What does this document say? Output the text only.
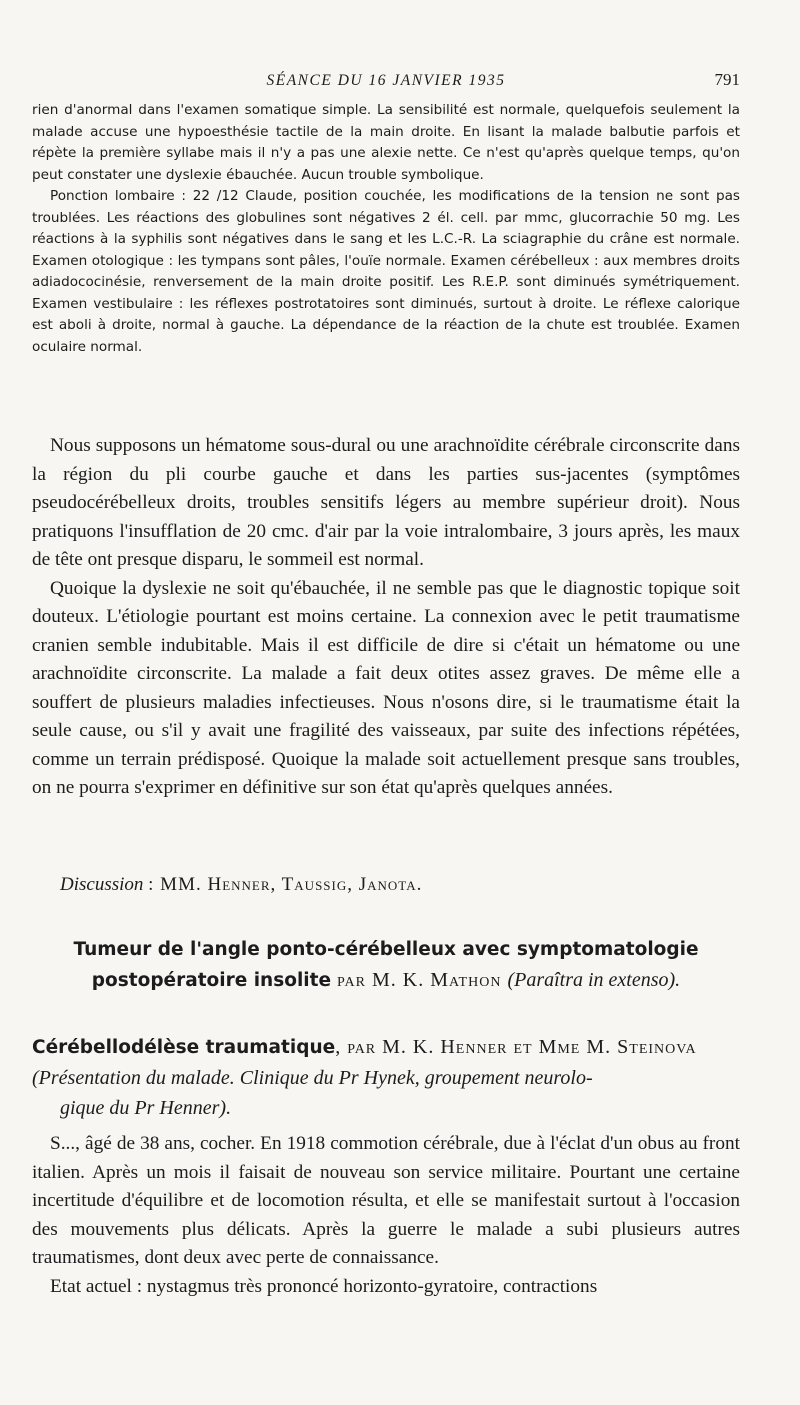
SÉANCE DU 16 JANVIER 1935	791

rien d'anormal dans l'examen somatique simple. La sensibilité est normale, quelquefois seulement la malade accuse une hypoesthésie tactile de la main droite. En lisant la malade balbutie parfois et répète la première syllabe mais il n'y a pas une alexie nette. Ce n'est qu'après quelque temps, qu'on peut constater une dyslexie ébauchée. Aucun trouble symbolique.

Ponction lombaire : 22 /12 Claude, position couchée, les modifications de la tension ne sont pas troublées. Les réactions des globulines sont négatives 2 él. cell. par mmc, glucorrachie 50 mg. Les réactions à la syphilis sont négatives dans le sang et les L.C.-R. La sciagraphie du crâne est normale. Examen otologique : les tympans sont pâles, l'ouïe normale. Examen cérébelleux : aux membres droits adiadococinésie, renversement de la main droite positif. Les R.E.P. sont diminués symétriquement. Examen vestibulaire : les réflexes postrotatoires sont diminués, surtout à droite. Le réflexe calorique est aboli à droite, normal à gauche. La dépendance de la réaction de la chute est troublée. Examen oculaire normal.

Nous supposons un hématome sous-dural ou une arachnoïdite cérébrale circonscrite dans la région du pli courbe gauche et dans les parties sus-jacentes (symptômes pseudocérébelleux droits, troubles sensitifs légers au membre supérieur droit). Nous pratiquons l'insufflation de 20 cmc. d'air par la voie intralombaire, 3 jours après, les maux de tête ont presque disparu, le sommeil est normal.

Quoique la dyslexie ne soit qu'ébauchée, il ne semble pas que le diagnostic topique soit douteux. L'étiologie pourtant est moins certaine. La connexion avec le petit traumatisme cranien semble indubitable. Mais il est difficile de dire si c'était un hématome ou une arachnoïdite circonscrite. La malade a fait deux otites assez graves. De même elle a souffert de plusieurs maladies infectieuses. Nous n'osons dire, si le traumatisme était la seule cause, ou s'il y avait une fragilité des vaisseaux, par suite des infections répétées, comme un terrain prédisposé. Quoique la malade soit actuellement presque sans troubles, on ne pourra s'exprimer en définitive sur son état qu'après quelques années.

Discussion : MM. Henner, Taussig, Janota.
Tumeur de l'angle ponto-cérébelleux avec symptomatologie postopératoire insolite par M. K. Mathon (Paraîtra in extenso).
Cérébellodélèse traumatique, par M. K. Henner et Mme M. Steinova
(Présentation du malade. Clinique du Pr Hynek, groupement neurolo-
gique du Pr Henner).

S..., âgé de 38 ans, cocher. En 1918 commotion cérébrale, due à l'éclat d'un obus au front italien. Après un mois il faisait de nouveau son service militaire. Pourtant une certaine incertitude d'équilibre et de locomotion résulta, et elle se manifestait surtout à l'occasion des mouvements plus délicats. Après la guerre le malade a subi plusieurs autres traumatismes, dont deux avec perte de connaissance.

Etat actuel : nystagmus très prononcé horizonto-gyratoire, contractions
